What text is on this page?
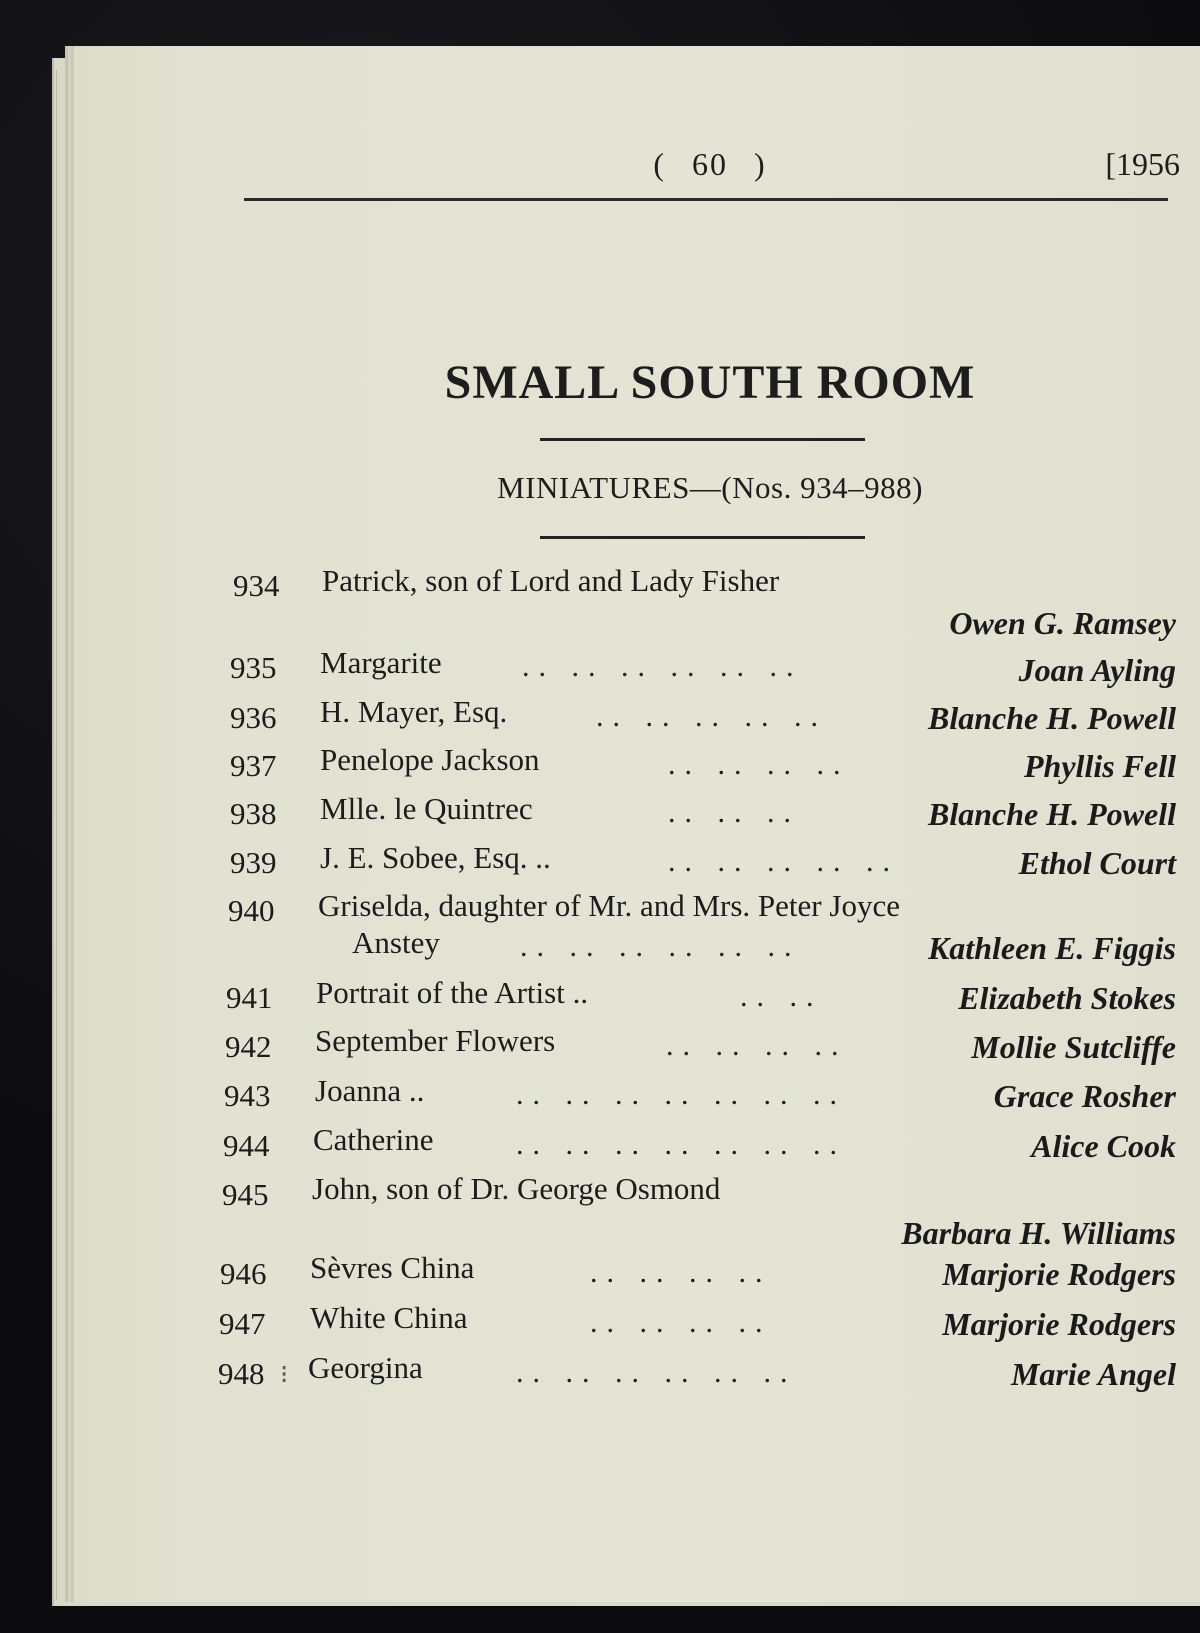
( 60 )	[1956
SMALL SOUTH ROOM
MINIATURES—(Nos. 934–988)
934 Patrick, son of Lord and Lady Fisher
Owen G. Ramsey
935 Margarite	.. .. .. .. .. ..	Joan Ayling
936 H. Mayer, Esq.	.. .. .. .. ..	Blanche H. Powell
937 Penelope Jackson	.. .. .. ..	Phyllis Fell
938 Mlle. le Quintrec	.. .. ..	Blanche H. Powell
939 J. E. Sobee, Esq. ..	.. .. .. .. ..	Ethol Court
940 Griselda, daughter of Mr. and Mrs. Peter Joyce
Anstey	.. .. .. .. .. ..	Kathleen E. Figgis
941 Portrait of the Artist ..	.. ..	Elizabeth Stokes
942 September Flowers	.. .. .. ..	Mollie Sutcliffe
943 Joanna ..	.. .. .. .. .. .. ..	Grace Rosher
944 Catherine	.. .. .. .. .. .. ..	Alice Cook
945 John, son of Dr. George Osmond
Barbara H. Williams
946 Sèvres China	.. .. .. ..	Marjorie Rodgers
947 White China	.. .. .. ..	Marjorie Rodgers
948 ⁝ Georgina	.. .. .. .. .. ..	Marie Angel
